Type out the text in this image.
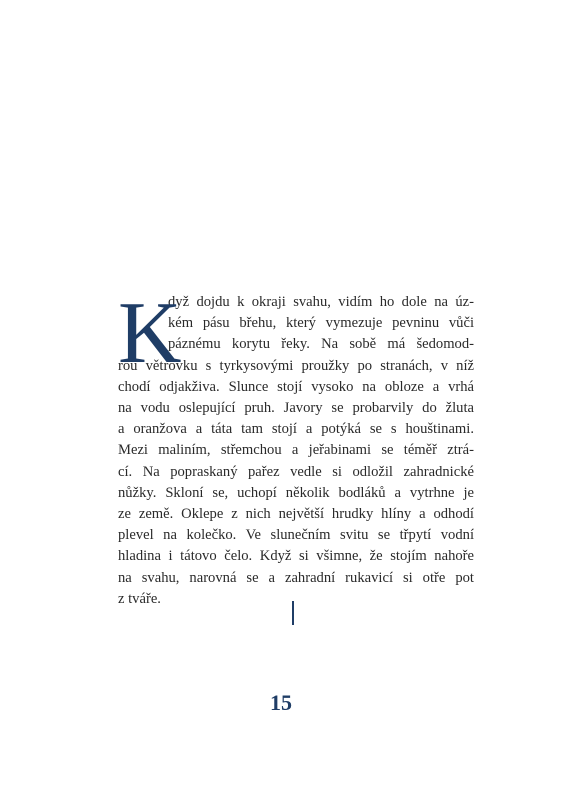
K
dyž dojdu k okraji svahu, vidím ho dole na úz-
kém pásu břehu, který vymezuje pevninu vůči
páznému korytu řeky. Na sobě má šedomod-
rou větrovku s tyrkysovými proužky po stranách, v níž
chodí odjakživa. Slunce stojí vysoko na obloze a vrhá
na vodu oslepující pruh. Javory se probarvily do žluta
a oranžova a táta tam stojí a potýká se s houštinami.
Mezi maliním, střemchou a jeřabinami se téměř ztrá-
cí. Na popraskaný pařez vedle si odložil zahradnické
nůžky. Skloní se, uchopí několik bodláků a vytrhne je
ze země. Oklepe z nich největší hrudky hlíny a odhodí
plevel na kolečko. Ve slunečním svitu se třpytí vodní
hladina i tátovo čelo. Když si všimne, že stojím nahoře
na svahu, narovná se a zahradní rukavicí si otře pot
z tváře.
15
